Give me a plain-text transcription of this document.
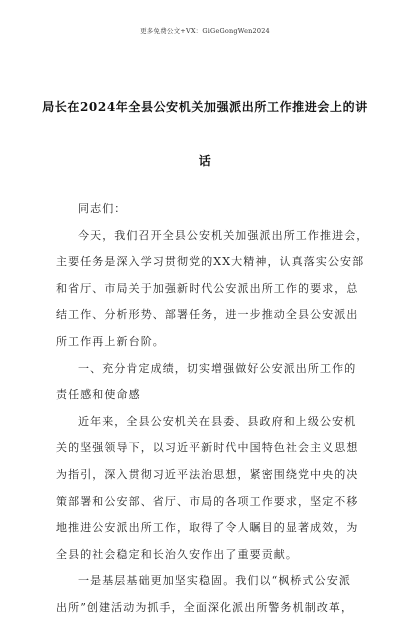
更多免费公文+VX：GiGeGongWen2024
局长在2024年全县公安机关加强派出所工作推进会上的讲
话
同志们：
今天，我们召开全县公安机关加强派出所工作推进会，
主要任务是深入学习贯彻党的XX大精神，认真落实公安部
和省厅、市局关于加强新时代公安派出所工作的要求，总
结工作、分析形势、部署任务，进一步推动全县公安派出
所工作再上新台阶。
一、充分肯定成绩，切实增强做好公安派出所工作的
责任感和使命感
近年来，全县公安机关在县委、县政府和上级公安机
关的坚强领导下，以习近平新时代中国特色社会主义思想
为指引，深入贯彻习近平法治思想，紧密围绕党中央的决
策部署和公安部、省厅、市局的各项工作要求，坚定不移
地推进公安派出所工作，取得了令人瞩目的显著成效，为
全县的社会稳定和长治久安作出了重要贡献。
一是基层基础更加坚实稳固。我们以“枫桥式公安派
出所”创建活动为抓手，全面深化派出所警务机制改革，
